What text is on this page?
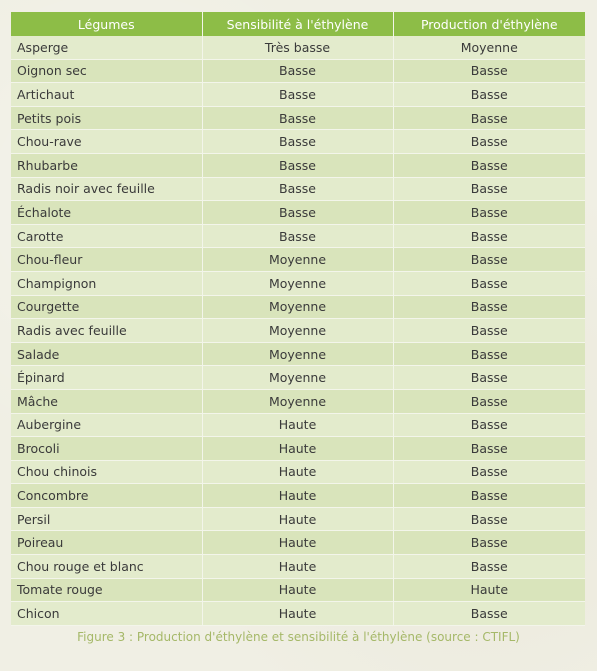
Légumes	Sensibilité à l'éthylène	Production d'éthylène
Asperge	Très basse	Moyenne
Oignon sec	Basse	Basse
Artichaut	Basse	Basse
Petits pois	Basse	Basse
Chou-rave	Basse	Basse
Rhubarbe	Basse	Basse
Radis noir avec feuille	Basse	Basse
Échalote	Basse	Basse
Carotte	Basse	Basse
Chou-fleur	Moyenne	Basse
Champignon	Moyenne	Basse
Courgette	Moyenne	Basse
Radis avec feuille	Moyenne	Basse
Salade	Moyenne	Basse
Épinard	Moyenne	Basse
Mâche	Moyenne	Basse
Aubergine	Haute	Basse
Brocoli	Haute	Basse
Chou chinois	Haute	Basse
Concombre	Haute	Basse
Persil	Haute	Basse
Poireau	Haute	Basse
Chou rouge et blanc	Haute	Basse
Tomate rouge	Haute	Haute
Chicon	Haute	Basse
Figure 3 : Production d'éthylène et sensibilité à l'éthylène (source : CTIFL)
